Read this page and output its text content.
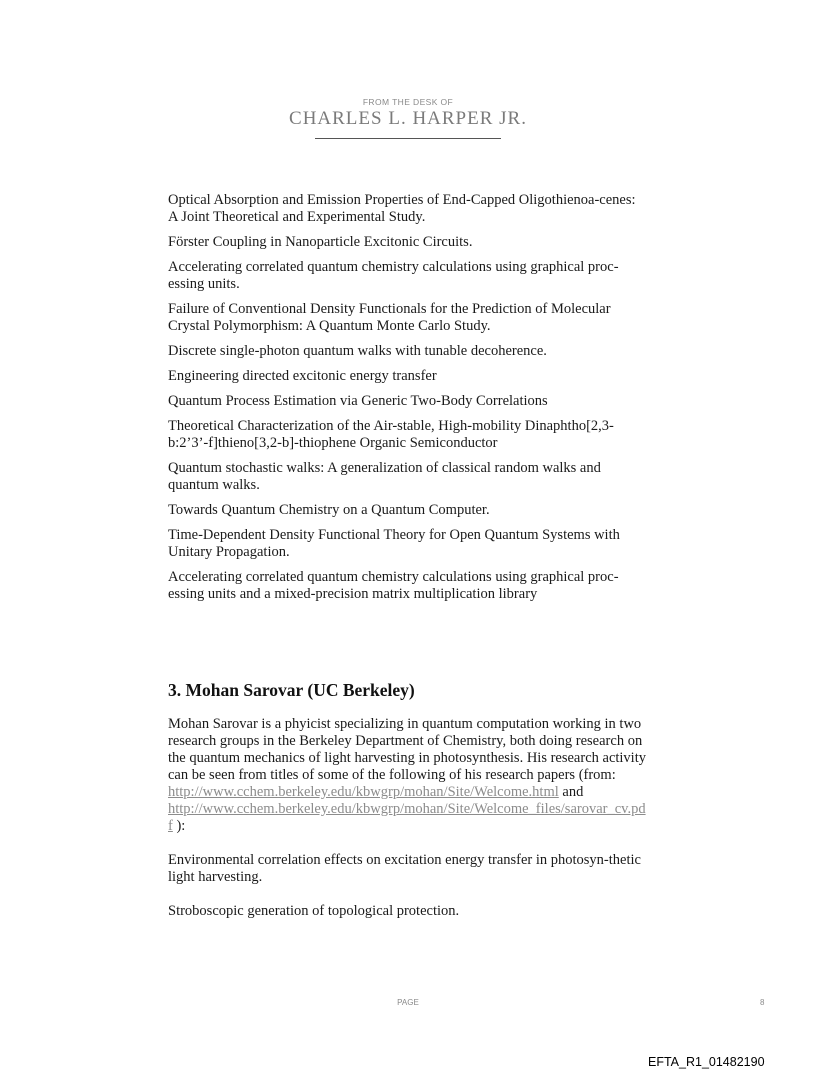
FROM THE DESK OF
CHARLES L. HARPER JR.

Optical Absorption and Emission Properties of End-Capped Oligothienoa-cenes: A Joint Theoretical and Experimental Study.

Förster Coupling in Nanoparticle Excitonic Circuits.

Accelerating correlated quantum chemistry calculations using graphical proc-essing units.

Failure of Conventional Density Functionals for the Prediction of Molecular Crystal Polymorphism: A Quantum Monte Carlo Study.

Discrete single-photon quantum walks with tunable decoherence.

Engineering directed excitonic energy transfer

Quantum Process Estimation via Generic Two-Body Correlations

Theoretical Characterization of the Air-stable, High-mobility Dinaphtho[2,3-b:2’3’-f]thieno[3,2-b]-thiophene Organic Semiconductor

Quantum stochastic walks: A generalization of classical random walks and quantum walks.

Towards Quantum Chemistry on a Quantum Computer.

Time-Dependent Density Functional Theory for Open Quantum Systems with Unitary Propagation.

Accelerating correlated quantum chemistry calculations using graphical proc-essing units and a mixed-precision matrix multiplication library

3. Mohan Sarovar (UC Berkeley)

Mohan Sarovar is a phyicist specializing in quantum computation working in two research groups in the Berkeley Department of Chemistry, both doing research on the quantum mechanics of light harvesting in photosynthesis. His research activity can be seen from titles of some of the following of his research papers (from:
http://www.cchem.berkeley.edu/kbwgrp/mohan/Site/Welcome.html and
http://www.cchem.berkeley.edu/kbwgrp/mohan/Site/Welcome_files/sarovar_cv.pdf ):

Environmental correlation effects on excitation energy transfer in photosyn-thetic light harvesting.

Stroboscopic generation of topological protection.

PAGE	8
EFTA_R1_01482190
